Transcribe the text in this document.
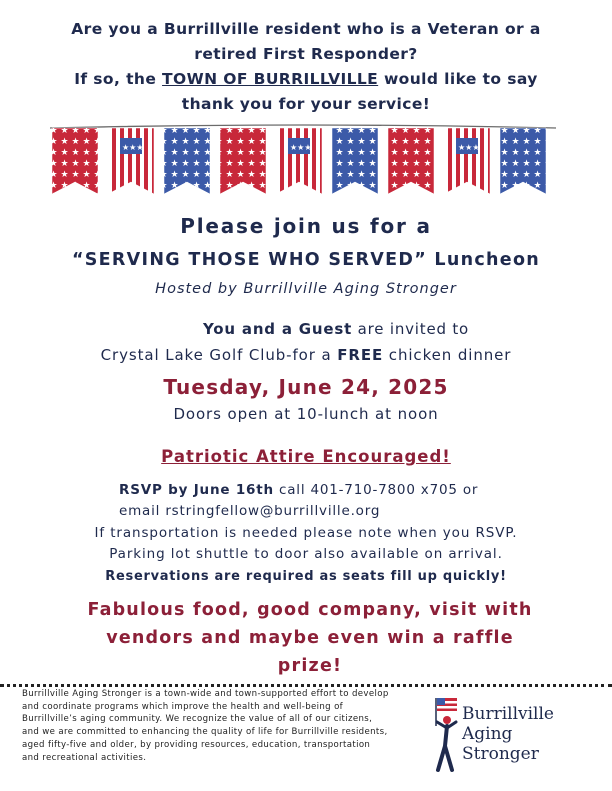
Are you a Burrillville resident who is a Veteran or a
retired First Responder?
If so, the TOWN OF BURRILLVILLE would like to say
thank you for your service!
★★★	★★★	★★★
Please join us for a
“SERVING THOSE WHO SERVED” Luncheon
Hosted by Burrillville Aging Stronger
You and a Guest are invited to
Crystal Lake Golf Club-for a FREE chicken dinner
Tuesday, June 24, 2025
Doors open at 10-lunch at noon
Patriotic Attire Encouraged!
RSVP by June 16th call 401-710-7800 x705 or
email rstringfellow@burrillville.org
If transportation is needed please note when you RSVP.
Parking lot shuttle to door also available on arrival.
Reservations are required as seats fill up quickly!
Fabulous food, good company, visit with vendors and maybe even win a raffle prize!
Burrillville Aging Stronger is a town-wide and town-supported effort to develop and coordinate programs which improve the health and well-being of Burrillville’s aging community. We recognize the value of all of our citizens, and we are committed to enhancing the quality of life for Burrillville residents, aged fifty-five and older, by providing resources, education, transportation and recreational activities.
Burrillville
Aging
Stronger
